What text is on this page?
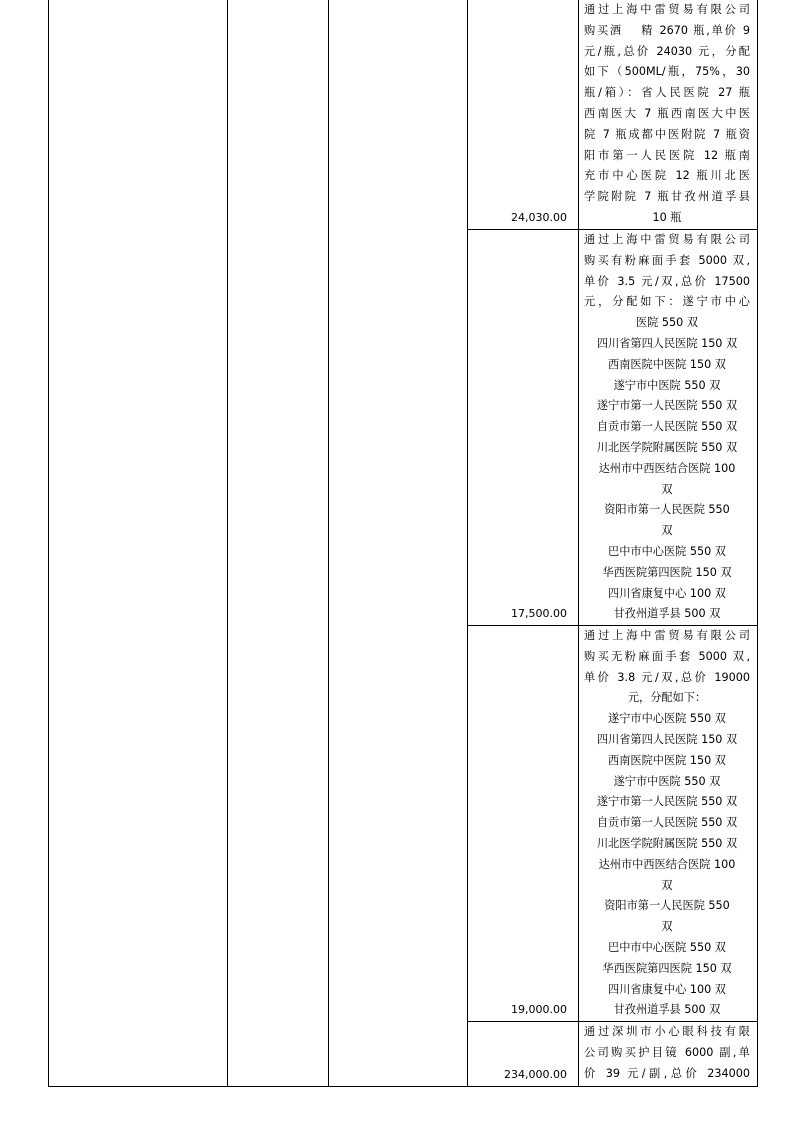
24,030.00
通过上海中雷贸易有限公司
购买酒　 精 2670 瓶,单价 9
元/瓶,总价 24030 元，分配
如下（500ML/瓶，75%，30
瓶/箱）：省人民医院 27 瓶
西南医大 7 瓶西南医大中医
院 7 瓶成都中医附院 7 瓶资
阳市第一人民医院 12 瓶南
充市中心医院 12 瓶川北医
学院附院 7 瓶甘孜州道孚县
10 瓶
17,500.00
通过上海中雷贸易有限公司
购买有粉麻面手套 5000 双,
单价 3.5 元/双,总价 17500
元，分配如下：遂宁市中心
医院 550 双
四川省第四人民医院 150 双
西南医院中医院 150 双
遂宁市中医院 550 双
遂宁市第一人民医院 550 双
自贡市第一人民医院 550 双
川北医学院附属医院 550 双
达州市中西医结合医院 100
双
资阳市第一人民医院 550
双
巴中市中心医院 550 双
华西医院第四医院 150 双
四川省康复中心 100 双
甘孜州道孚县 500 双
19,000.00
通过上海中雷贸易有限公司
购买无粉麻面手套 5000 双,
单价 3.8 元/双,总价 19000
元，分配如下：
遂宁市中心医院 550 双
四川省第四人民医院 150 双
西南医院中医院 150 双
遂宁市中医院 550 双
遂宁市第一人民医院 550 双
自贡市第一人民医院 550 双
川北医学院附属医院 550 双
达州市中西医结合医院 100
双
资阳市第一人民医院 550
双
巴中市中心医院 550 双
华西医院第四医院 150 双
四川省康复中心 100 双
甘孜州道孚县 500 双
234,000.00
通过深圳市小心眼科技有限
公司购买护目镜 6000 副,单
价 39 元/副,总价 234000
